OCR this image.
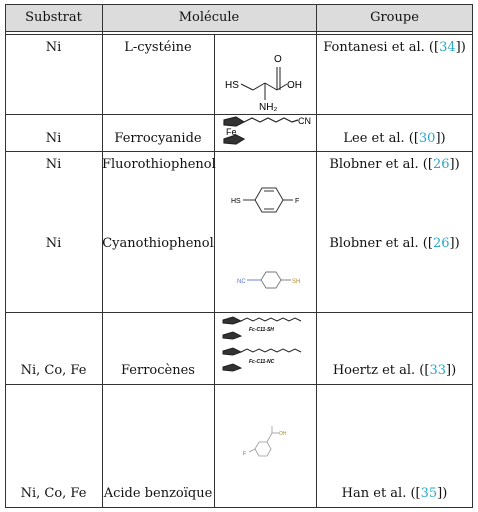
Substrat	Molécule	Groupe
Ni	L-cystéine	Fontanesi et al. ([34])
O
OH
HS
NH₂
Ni	Ferrocyanide	Lee et al. ([30])
Fe
CN
Ni	Fluorothiophenol	Blobner et al. ([26])
HS	F
Ni	Cyanothiophenol	Blobner et al. ([26])
NC	SH
Ni, Co, Fe	Ferrocènes	Hoertz et al. ([33])
Fc-C11-SH
Fc-C11-NC
Ni, Co, Fe	Acide benzoïque	Han et al. ([35])
F
OH
